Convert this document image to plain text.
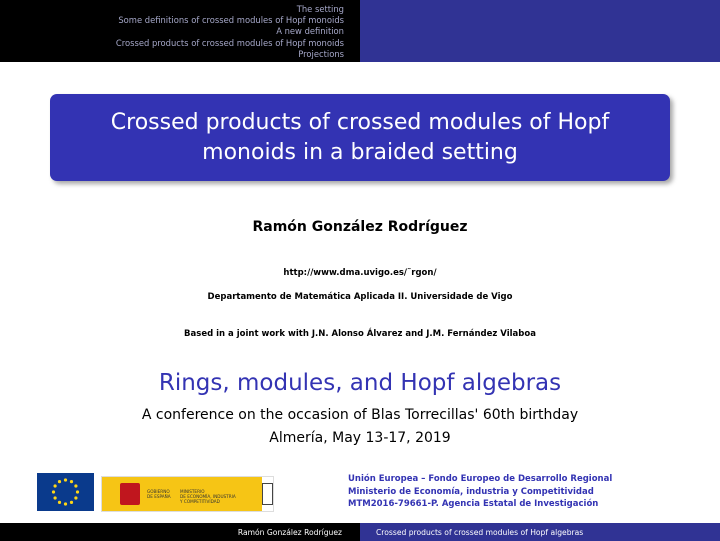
The setting
Some definitions of crossed modules of Hopf monoids
A new definition
Crossed products of crossed modules of Hopf monoids
Projections
Crossed products of crossed modules of Hopf
monoids in a braided setting
Ramón González Rodríguez
http://www.dma.uvigo.es/˜rgon/
Departamento de Matemática Aplicada II. Universidade de Vigo
Based in a joint work with J.N. Alonso Álvarez and J.M. Fernández Vilaboa
Rings, modules, and Hopf algebras
A conference on the occasion of Blas Torrecillas' 60th birthday
Almería, May 13-17, 2019
GOBIERNO
DE ESPAÑA
MINISTERIO
DE ECONOMÍA, INDUSTRIA
Y COMPETITIVIDAD
Unión Europea – Fondo Europeo de Desarrollo Regional
Ministerio de Economía, industria y Competitividad
MTM2016-79661-P. Agencia Estatal de Investigación
Ramón González Rodríguez	Crossed products of crossed modules of Hopf algebras
